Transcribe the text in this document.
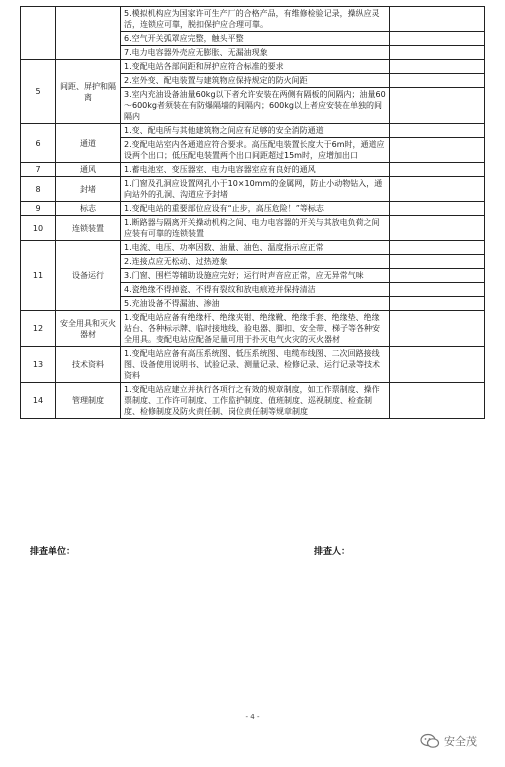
		5.模拟机构应为国家许可生产厂的合格产品，有维修检验记录，操纵应灵活，连锁应可靠，脱扣保护应合理可靠。	
		6.空气开关弧罩应完整，触头平整	
		7.电力电容器外壳应无膨胀、无漏油现象	
5	间距、屏护和隔离	1.变配电站各部间距和屏护应符合标准的要求	
		2.室外变、配电装置与建筑物应保持规定的防火间距	
		3.室内充油设备油量60kg以下者允许安装在两侧有隔板的间隔内；油量60～600kg者须装在有防爆隔墙的间隔内；600kg以上者应安装在单独的间隔内	
6	通道	1.变、配电所与其他建筑物之间应有足够的安全消防通道	
		2.变配电站室内各通道应符合要求。高压配电装置长度大于6m时，通道应设两个出口；低压配电装置两个出口间距超过15m时，应增加出口	
7	通风	1.蓄电池室、变压器室、电力电容器室应有良好的通风	
8	封堵	1.门窗及孔洞应设置网孔小于10×10mm的金属网，防止小动物钻入，通向站外的孔洞、沟道应予封堵	
9	标志	1.变配电站的重要部位应设有“止步，高压危险！”等标志	
10	连锁装置	1.断路器与隔离开关操动机构之间、电力电容器的开关与其放电负荷之间应装有可靠的连锁装置	
11	设备运行	1.电流、电压、功率因数、油量、油色、温度指示应正常	
		2.连接点应无松动、过热迹象	
		3.门窗、围栏等辅助设施应完好；运行时声音应正常，应无异常气味	
		4.瓷绝缘不得掉瓷、不得有裂纹和放电痕迹并保持清洁	
		5.充油设备不得漏油、渗油	
12	安全用具和灭火器材	1.变配电站应备有绝缘杆、绝缘夹钳、绝缘靴、绝缘手套、绝缘垫、绝缘站台、各种标示牌、临时接地线、验电器、脚扣、安全带、梯子等各种安全用具。变配电站应配备足量可用于扑灭电气火灾的灭火器材	
13	技术资料	1.变配电站应备有高压系统图、低压系统图、电缆布线图、二次回路接线图、设备使用说明书、试验记录、测量记录、检修记录、运行记录等技术资料	
14	管理制度	1.变配电站应建立并执行各项行之有效的规章制度，如工作票制度、操作票制度、工作许可制度、工作监护制度、值班制度、巡视制度、检查制度、检修制度及防火责任制、岗位责任制等规章制度	
排查单位：	排查人：
- 4 -
安全茂
